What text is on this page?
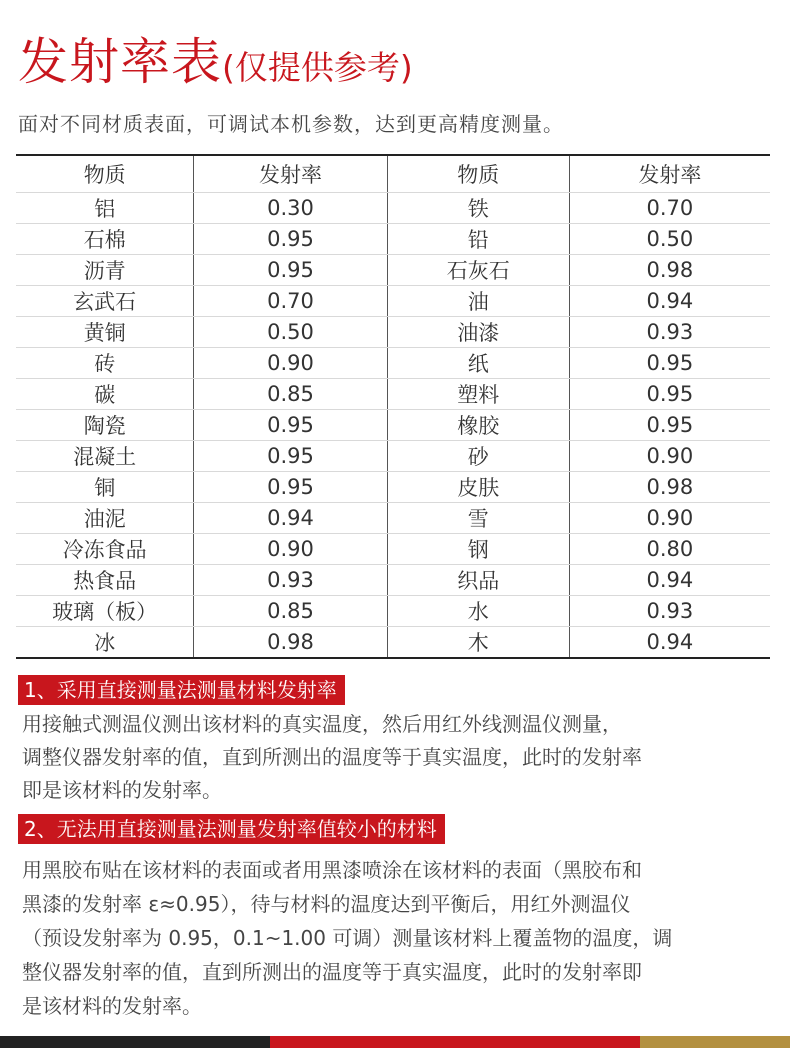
发射率表(仅提供参考)
面对不同材质表面，可调试本机参数，达到更高精度测量。
物质	发射率	物质	发射率
铝	0.30	铁	0.70
石棉	0.95	铅	0.50
沥青	0.95	石灰石	0.98
玄武石	0.70	油	0.94
黄铜	0.50	油漆	0.93
砖	0.90	纸	0.95
碳	0.85	塑料	0.95
陶瓷	0.95	橡胶	0.95
混凝土	0.95	砂	0.90
铜	0.95	皮肤	0.98
油泥	0.94	雪	0.90
冷冻食品	0.90	钢	0.80
热食品	0.93	织品	0.94
玻璃（板）	0.85	水	0.93
冰	0.98	木	0.94
1、采用直接测量法测量材料发射率

用接触式测温仪测出该材料的真实温度，然后用红外线测温仪测量，

调整仪器发射率的值，直到所测出的温度等于真实温度，此时的发射率

即是该材料的发射率。

2、无法用直接测量法测量发射率值较小的材料

用黑胶布贴在该材料的表面或者用黑漆喷涂在该材料的表面（黑胶布和

黑漆的发射率 ε≈0.95），待与材料的温度达到平衡后，用红外测温仪

（预设发射率为 0.95，0.1~1.00 可调）测量该材料上覆盖物的温度，调

整仪器发射率的值，直到所测出的温度等于真实温度，此时的发射率即

是该材料的发射率。
